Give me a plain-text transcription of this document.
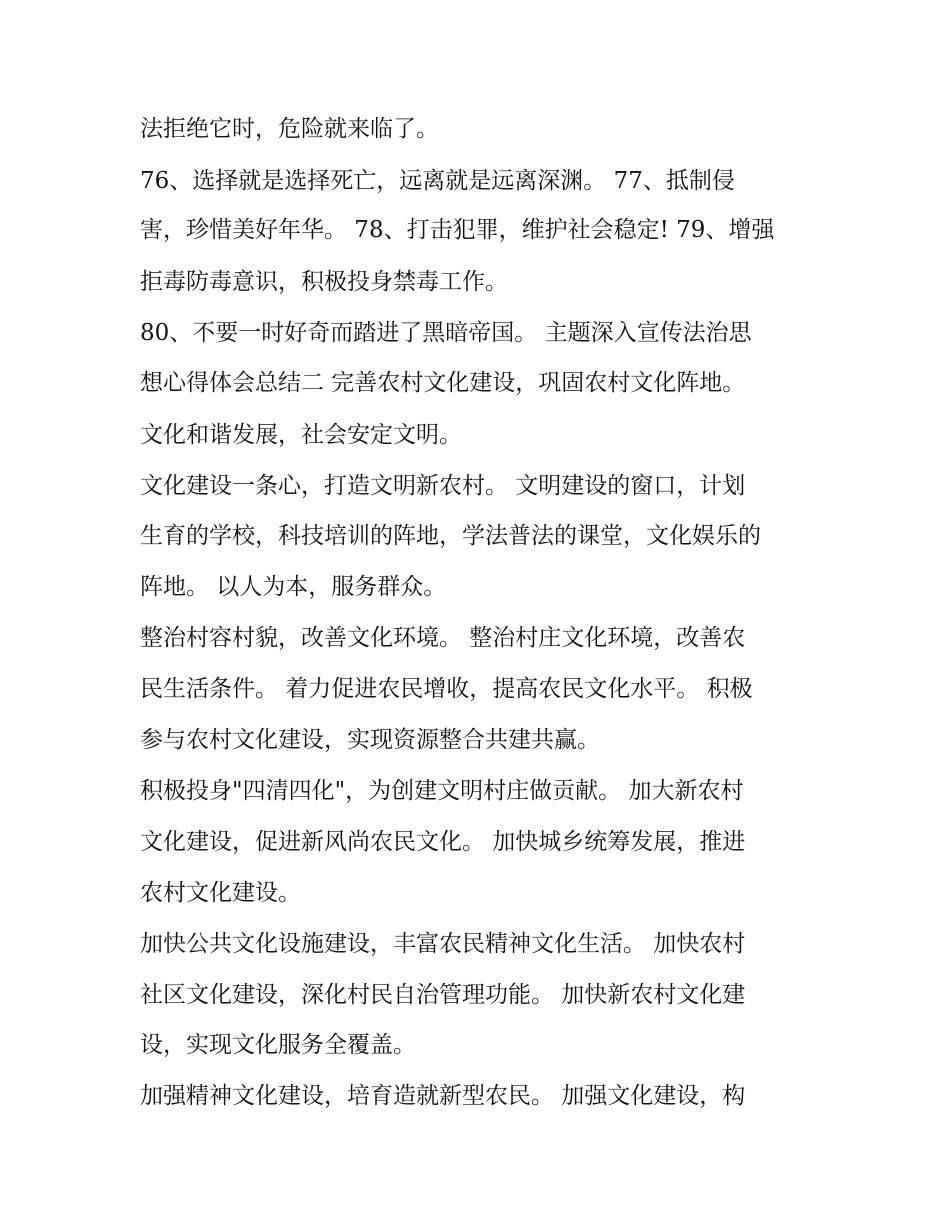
法拒绝它时，危险就来临了。

76、选择就是选择死亡，远离就是远离深渊。 77、抵制侵

害，珍惜美好年华。 78、打击犯罪，维护社会稳定! 79、增强

拒毒防毒意识，积极投身禁毒工作。

80、不要一时好奇而踏进了黑暗帝国。 主题深入宣传法治思

想心得体会总结二 完善农村文化建设，巩固农村文化阵地。

文化和谐发展，社会安定文明。

文化建设一条心，打造文明新农村。 文明建设的窗口，计划

生育的学校，科技培训的阵地，学法普法的课堂，文化娱乐的

阵地。 以人为本，服务群众。

整治村容村貌，改善文化环境。 整治村庄文化环境，改善农

民生活条件。 着力促进农民增收，提高农民文化水平。 积极

参与农村文化建设，实现资源整合共建共赢。

积极投身"四清四化"，为创建文明村庄做贡献。 加大新农村

文化建设，促进新风尚农民文化。 加快城乡统筹发展，推进

农村文化建设。

加快公共文化设施建设，丰富农民精神文化生活。 加快农村

社区文化建设，深化村民自治管理功能。 加快新农村文化建

设，实现文化服务全覆盖。

加强精神文化建设，培育造就新型农民。 加强文化建设，构
